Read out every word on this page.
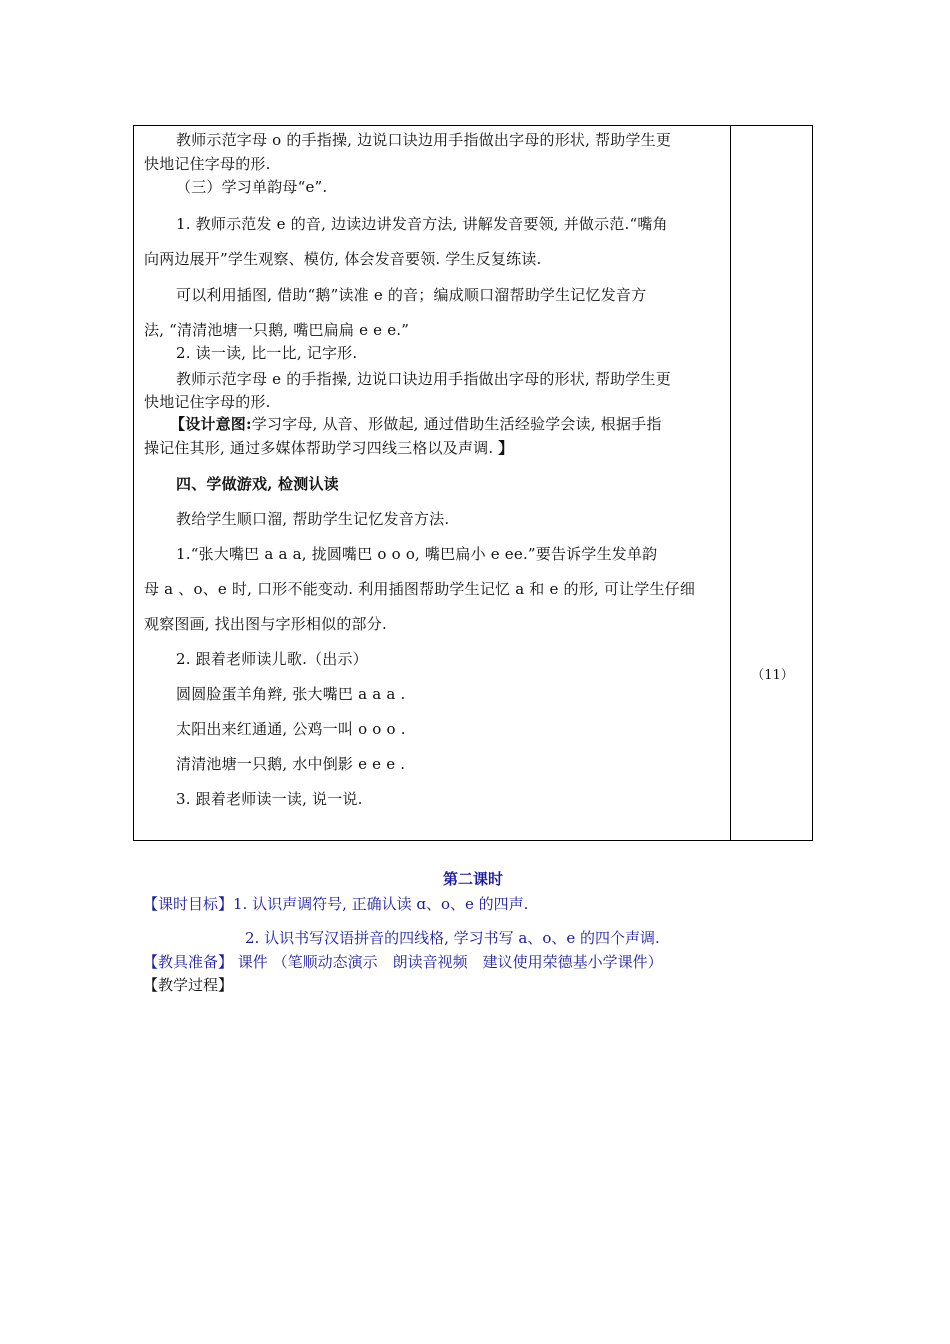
教师示范字母 o 的手指操, 边说口诀边用手指做出字母的形状, 帮助学生更
快地记住字母的形.
（三）学习单韵母“e”.
1. 教师示范发 e 的音, 边读边讲发音方法, 讲解发音要领, 并做示范.“嘴角
向两边展开”学生观察、模仿, 体会发音要领. 学生反复练读.
可以利用插图, 借助“鹅”读准 e 的音；编成顺口溜帮助学生记忆发音方
法, “清清池塘一只鹅, 嘴巴扁扁 e e e.”
2. 读一读, 比一比, 记字形.
教师示范字母 e 的手指操, 边说口诀边用手指做出字母的形状, 帮助学生更
快地记住字母的形.
【设计意图:学习字母, 从音、形做起, 通过借助生活经验学会读, 根据手指
操记住其形, 通过多媒体帮助学习四线三格以及声调. 】
四、学做游戏, 检测认读
教给学生顺口溜, 帮助学生记忆发音方法.
1.“张大嘴巴 a a a, 拢圆嘴巴 o o o, 嘴巴扁小 e ee.”要告诉学生发单韵
母 a 、o、e 时, 口形不能变动. 利用插图帮助学生记忆 a 和 e 的形, 可让学生仔细
观察图画, 找出图与字形相似的部分.
2. 跟着老师读儿歌.（出示）
圆圆脸蛋羊角辫, 张大嘴巴 a a a .
太阳出来红通通, 公鸡一叫 o o o .
清清池塘一只鹅, 水中倒影 e e e .
3. 跟着老师读一读, 说一说.
（11）
第二课时
【课时目标】1. 认识声调符号, 正确认读 ɑ、o、e 的四声.
2. 认识书写汉语拼音的四线格, 学习书写 a、o、e 的四个声调.
【教具准备】 课件 （笔顺动态演示　朗读音视频　建议使用荣德基小学课件）
【教学过程】
